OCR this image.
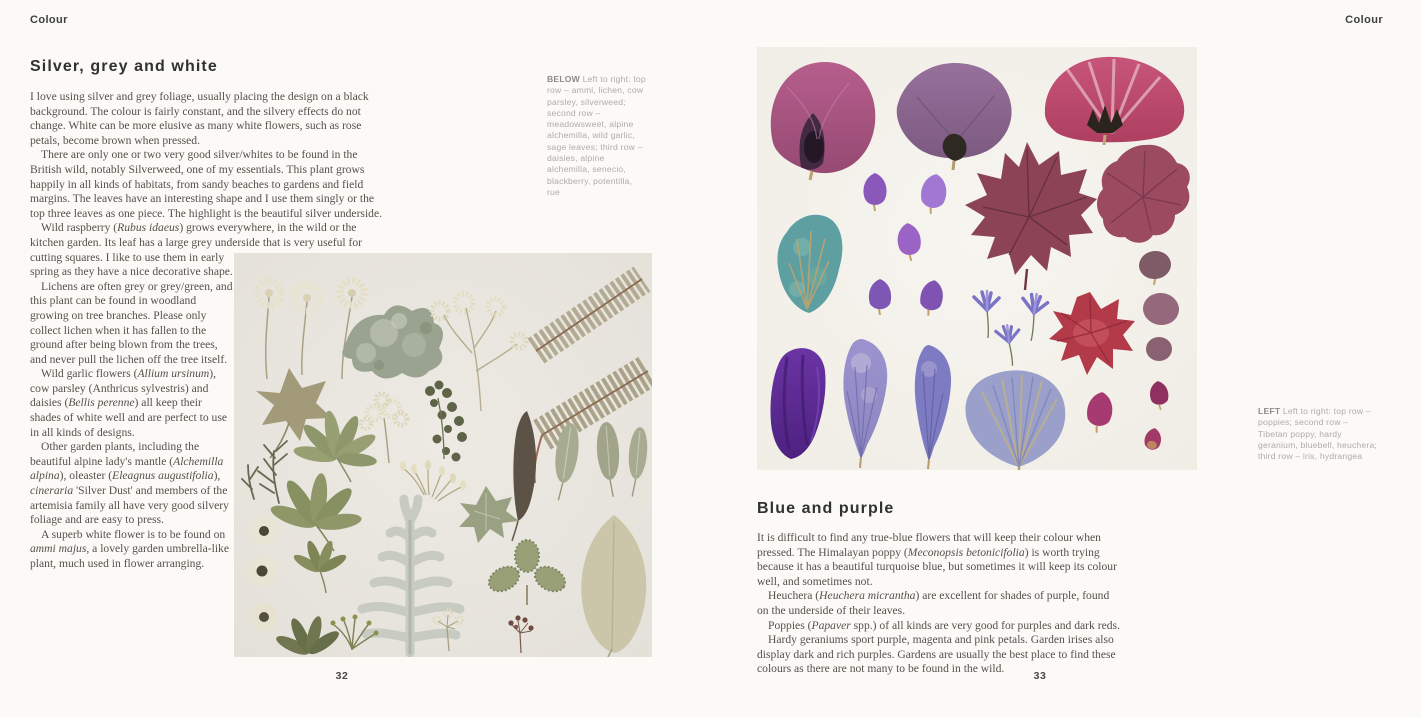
Colour	Colour
Silver, grey and white

I love using silver and grey foliage, usually placing the design on a black background. The colour is fairly constant, and the silvery effects do not change. White can be more elusive as many white flowers, such as rose petals, become brown when pressed.

There are only one or two very good silver/whites to be found in the British wild, notably Silverweed, one of my essentials. This plant grows happily in all kinds of habitats, from sandy beaches to gardens and field margins. The leaves have an interesting shape and I use them singly or the top three leaves as one piece. The highlight is the beautiful silver underside.

Wild raspberry (Rubus idaeus) grows everywhere, in the wild or the kitchen garden. Its leaf has a large grey underside that is very useful for cutting squares. I like to use them in early spring as they have a nice decorative shape.

Lichens are often grey or grey/green, and this plant can be found in woodland growing on tree branches. Please only collect lichen when it has fallen to the ground after being blown from the trees, and never pull the lichen off the tree itself.

Wild garlic flowers (Allium ursinum), cow parsley (Anthricus sylvestris) and daisies (Bellis perenne) all keep their shades of white well and are perfect to use in all kinds of designs.

Other garden plants, including the beautiful alpine lady's mantle (Alchemilla alpina), oleaster (Eleagnus augustifolia), cineraria 'Silver Dust' and members of the artemisia family all have very good silvery foliage and are easy to press.

A superb white flower is to be found on ammi majus, a lovely garden umbrella-like plant, much used in flower arranging.

BELOW Left to right: top row – ammi, lichen, cow parsley, silverweed; second row – meadowsweet, alpine alchemilla, wild garlic, sage leaves; third row – daisies, alpine alchemilla, senecio, blackberry, potentilla, rue
32
LEFT Left to right: top row – poppies; second row – Tibetan poppy, hardy geranium, bluebell, heuchera; third row – iris, hydrangea
Blue and purple

It is difficult to find any true-blue flowers that will keep their colour when pressed. The Himalayan poppy (Meconopsis betonicifolia) is worth trying because it has a beautiful turquoise blue, but sometimes it will keep its colour well, and sometimes not.

Heuchera (Heuchera micrantha) are excellent for shades of purple, found on the underside of their leaves.

Poppies (Papaver spp.) of all kinds are very good for purples and dark reds.

Hardy geraniums sport purple, magenta and pink petals. Garden irises also display dark and rich purples. Gardens are usually the best place to find these colours as there are not many to be found in the wild.

33
